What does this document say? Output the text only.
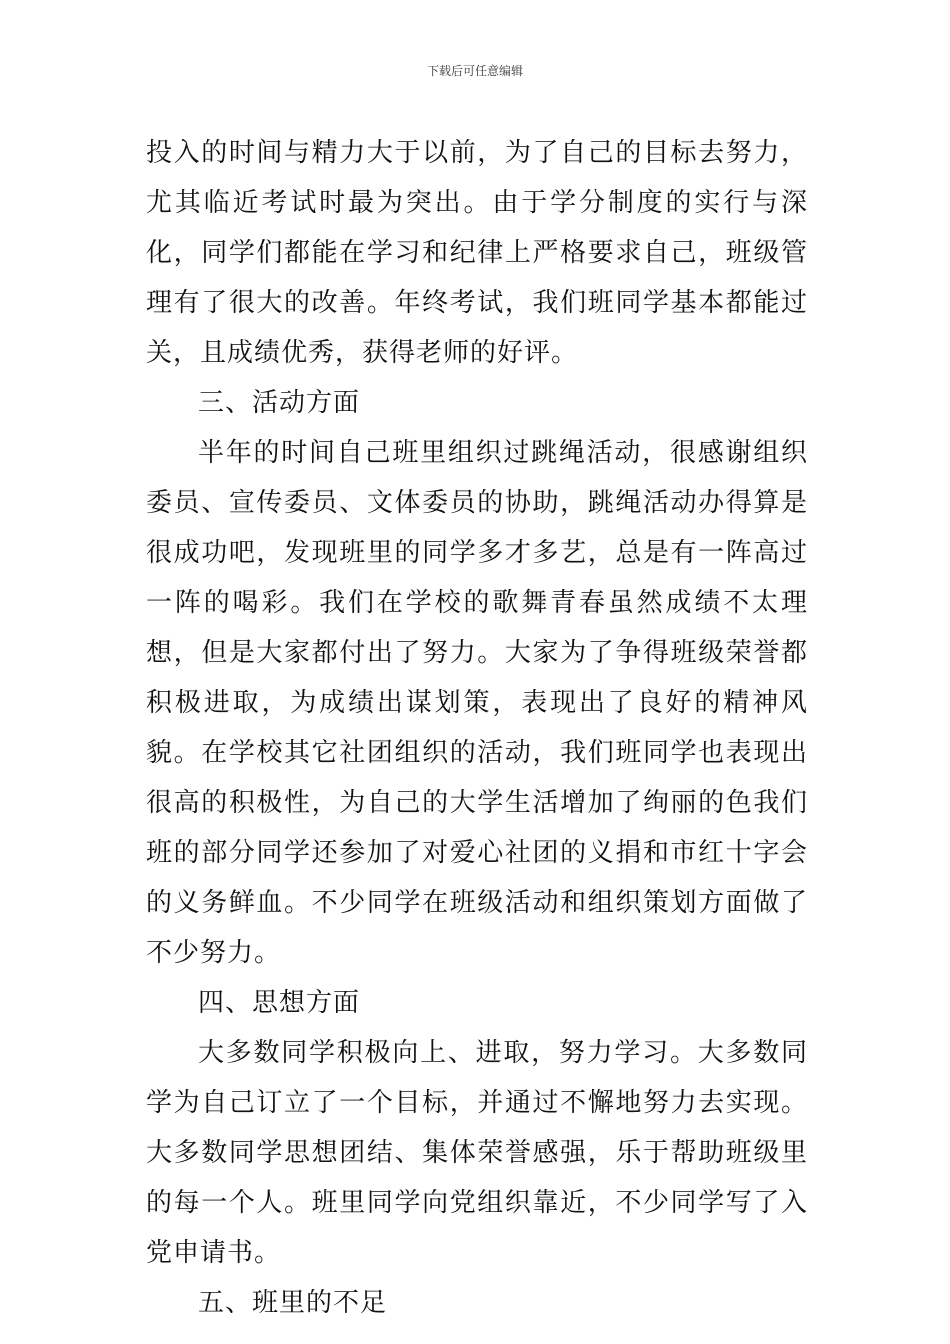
下载后可任意编辑

投入的时间与精力大于以前，为了自己的目标去努力，尤其临近考试时最为突出。由于学分制度的实行与深化，同学们都能在学习和纪律上严格要求自己，班级管理有了很大的改善。年终考试，我们班同学基本都能过关，且成绩优秀，获得老师的好评。

三、活动方面

半年的时间自己班里组织过跳绳活动，很感谢组织委员、宣传委员、文体委员的协助，跳绳活动办得算是很成功吧，发现班里的同学多才多艺，总是有一阵高过一阵的喝彩。我们在学校的歌舞青春虽然成绩不太理想，但是大家都付出了努力。大家为了争得班级荣誉都积极进取，为成绩出谋划策，表现出了良好的精神风貌。在学校其它社团组织的活动，我们班同学也表现出很高的积极性，为自己的大学生活增加了绚丽的色我们班的部分同学还参加了对爱心社团的义捐和市红十字会的义务鲜血。不少同学在班级活动和组织策划方面做了不少努力。

四、思想方面

大多数同学积极向上、进取，努力学习。大多数同学为自己订立了一个目标，并通过不懈地努力去实现。大多数同学思想团结、集体荣誉感强，乐于帮助班级里的每一个人。班里同学向党组织靠近，不少同学写了入党申请书。

五、班里的不足
